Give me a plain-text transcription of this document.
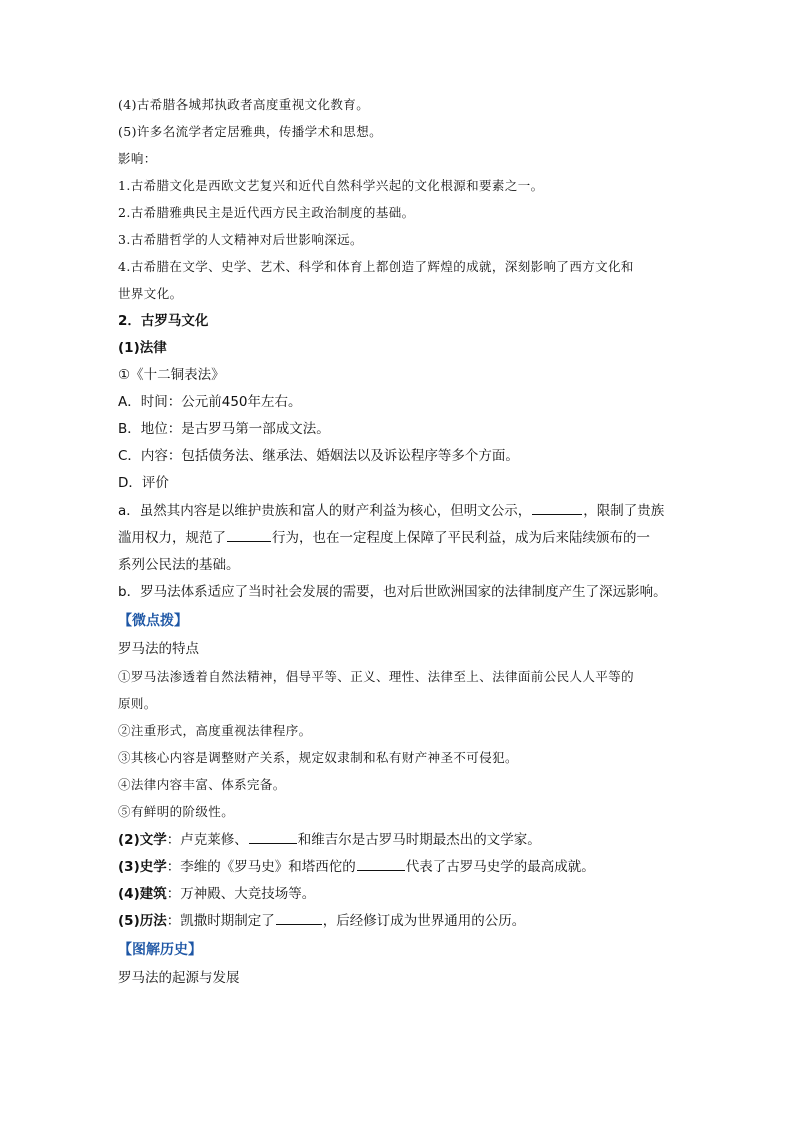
(4)古希腊各城邦执政者高度重视文化教育。
(5)许多名流学者定居雅典，传播学术和思想。
影响：
1.古希腊文化是西欧文艺复兴和近代自然科学兴起的文化根源和要素之一。
2.古希腊雅典民主是近代西方民主政治制度的基础。
3.古希腊哲学的人文精神对后世影响深远。
4.古希腊在文学、史学、艺术、科学和体育上都创造了辉煌的成就，深刻影响了西方文化和
世界文化。
2．古罗马文化
(1)法律
①《十二铜表法》
A．时间：公元前450年左右。
B．地位：是古罗马第一部成文法。
C．内容：包括债务法、继承法、婚姻法以及诉讼程序等多个方面。
D．评价
a．虽然其内容是以维护贵族和富人的财产利益为核心，但明文公示，	，限制了贵族
滥用权力，规范了	行为，也在一定程度上保障了平民利益，成为后来陆续颁布的一
系列公民法的基础。
b．罗马法体系适应了当时社会发展的需要，也对后世欧洲国家的法律制度产生了深远影响。
【微点拨】
罗马法的特点
①罗马法渗透着自然法精神，倡导平等、正义、理性、法律至上、法律面前公民人人平等的
原则。
②注重形式，高度重视法律程序。
③其核心内容是调整财产关系，规定奴隶制和私有财产神圣不可侵犯。
④法律内容丰富、体系完备。
⑤有鲜明的阶级性。
(2)文学：卢克莱修、	和维吉尔是古罗马时期最杰出的文学家。
(3)史学：李维的《罗马史》和塔西佗的	代表了古罗马史学的最高成就。
(4)建筑：万神殿、大竞技场等。
(5)历法：凯撒时期制定了	，后经修订成为世界通用的公历。
【图解历史】
罗马法的起源与发展
